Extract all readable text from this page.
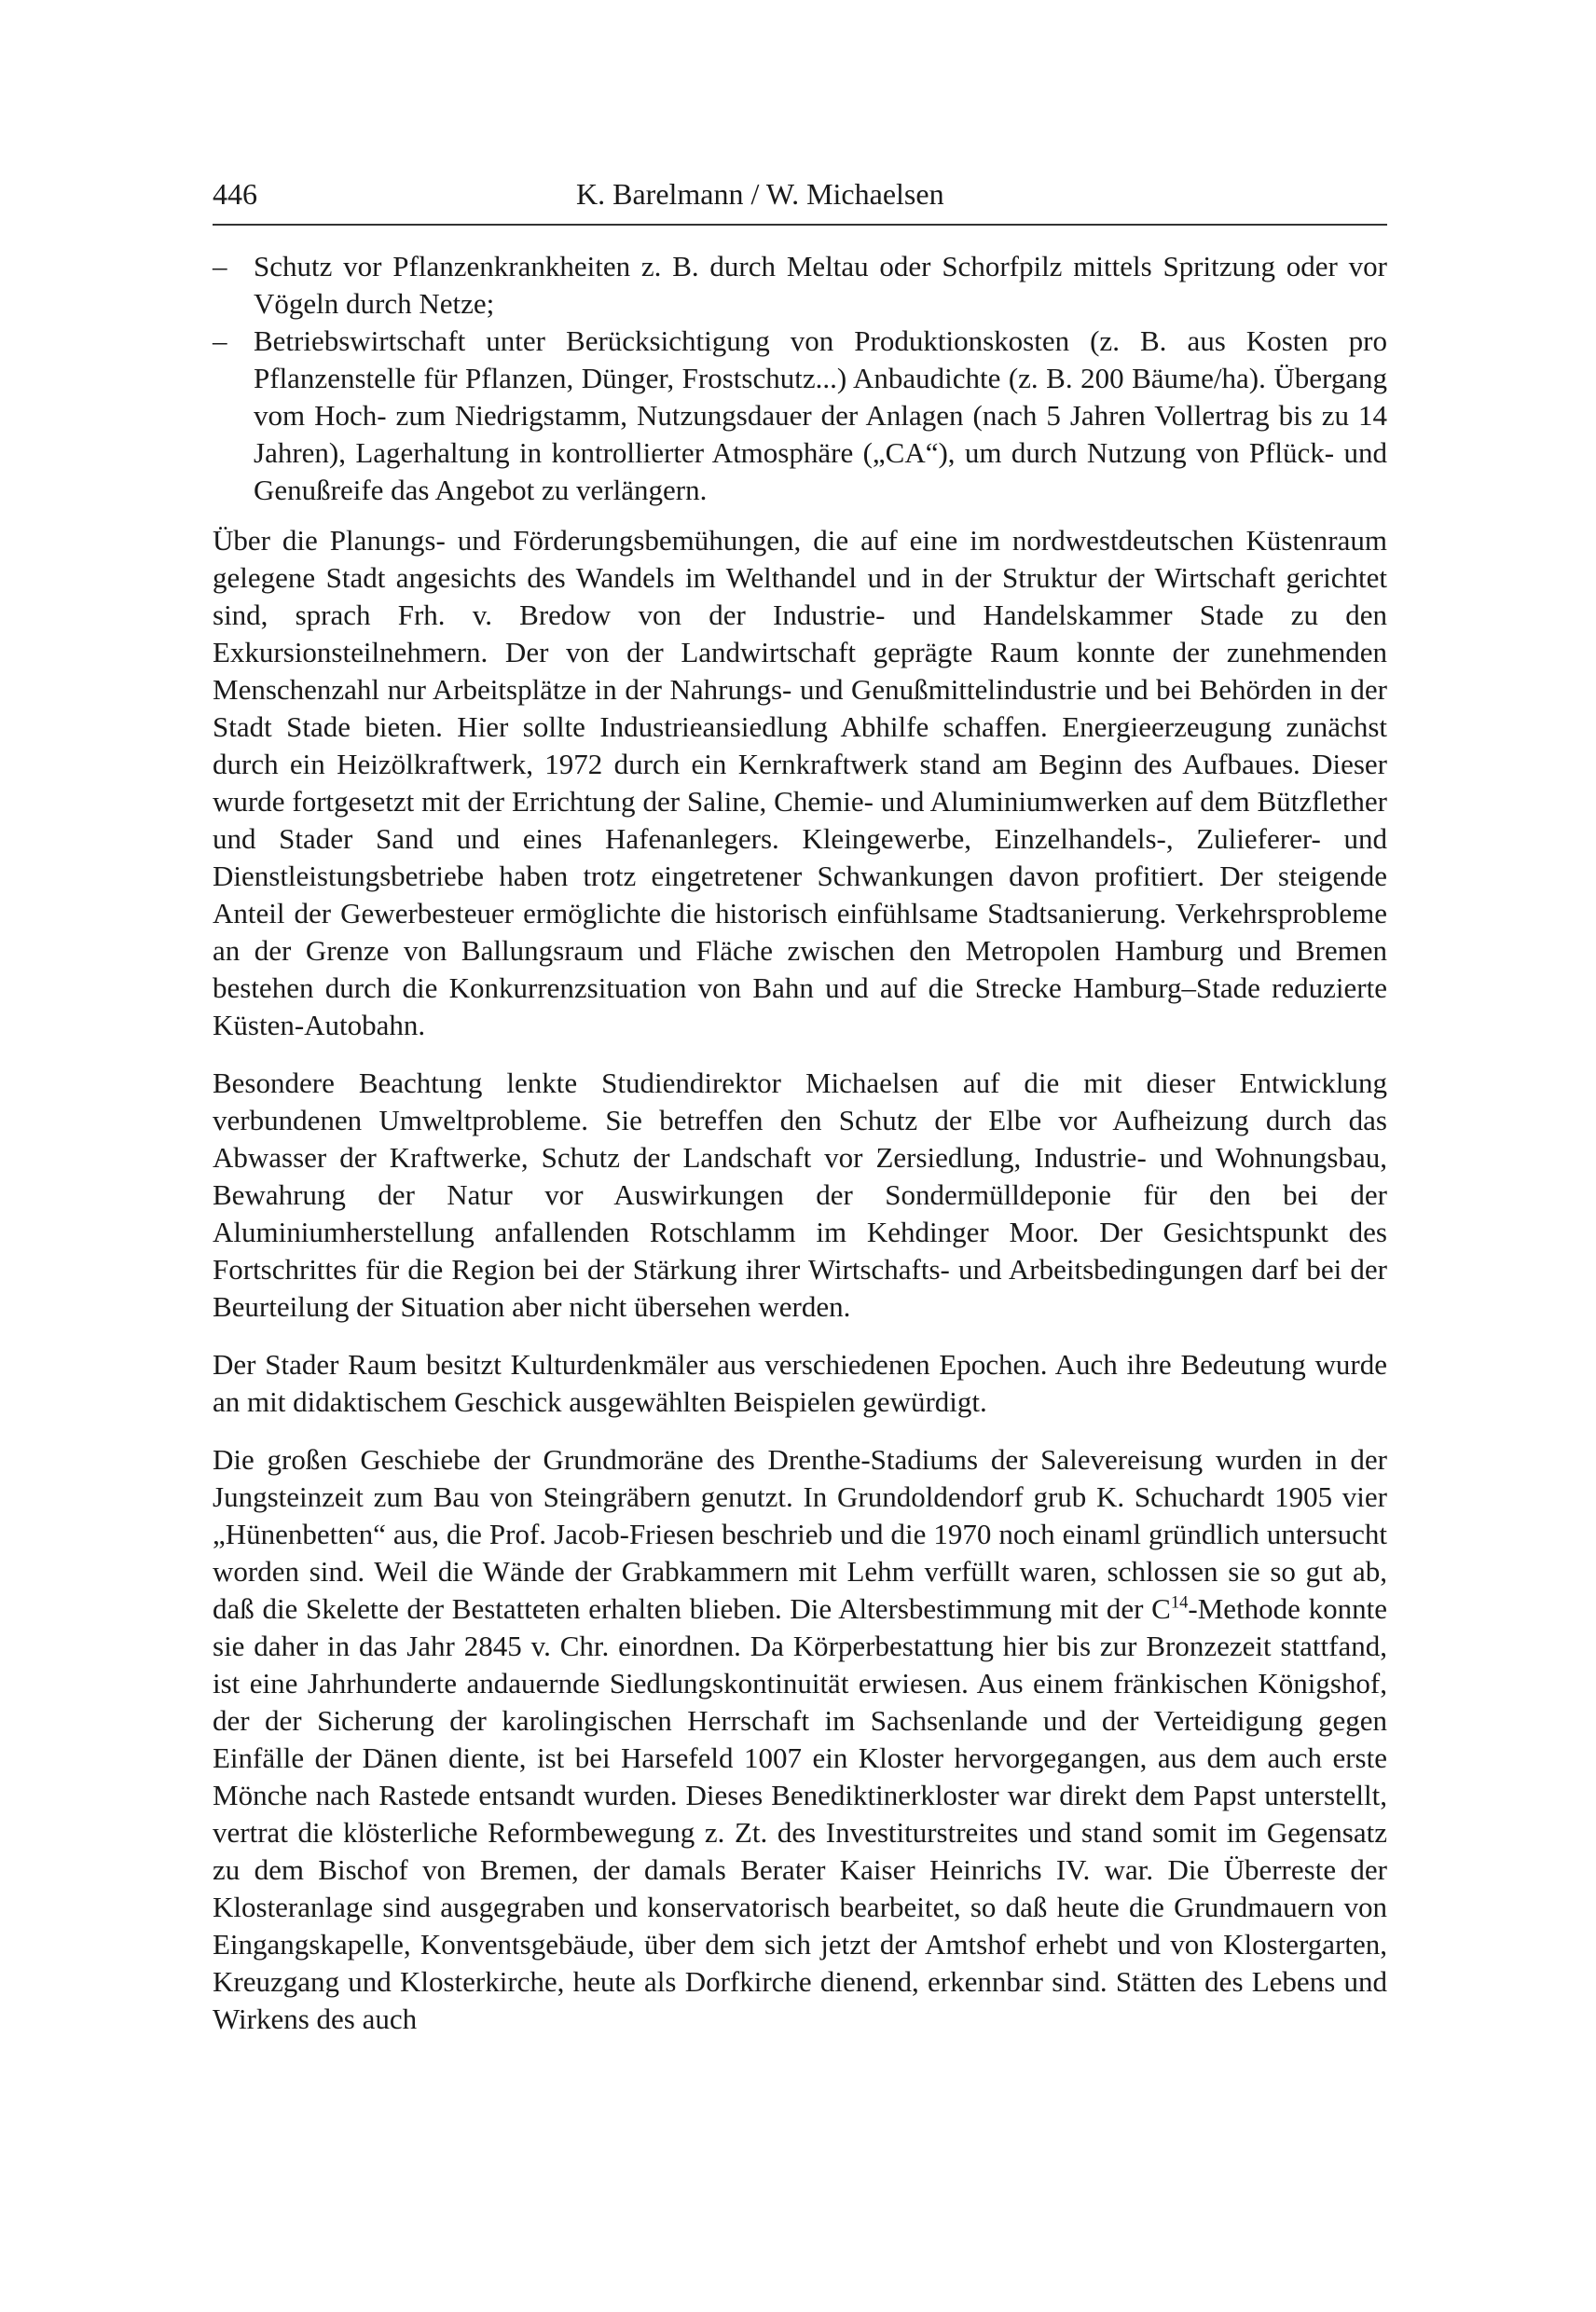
446	K. Barelmann / W. Michaelsen
– Schutz vor Pflanzenkrankheiten z. B. durch Meltau oder Schorfpilz mittels Spritzung oder vor Vögeln durch Netze;
– Betriebswirtschaft unter Berücksichtigung von Produktionskosten (z. B. aus Kosten pro Pflanzenstelle für Pflanzen, Dünger, Frostschutz...) Anbaudichte (z. B. 200 Bäume/ha). Übergang vom Hoch- zum Niedrigstamm, Nutzungsdauer der Anlagen (nach 5 Jahren Vollertrag bis zu 14 Jahren), Lagerhaltung in kontrollierter Atmosphäre („CA“), um durch Nutzung von Pflück- und Genußreife das Angebot zu verlängern.

Über die Planungs- und Förderungsbemühungen, die auf eine im nordwestdeutschen Küstenraum gelegene Stadt angesichts des Wandels im Welthandel und in der Struktur der Wirtschaft gerichtet sind, sprach Frh. v. Bredow von der Industrie- und Handelskammer Stade zu den Exkursionsteilnehmern. Der von der Landwirtschaft geprägte Raum konnte der zunehmenden Menschenzahl nur Arbeitsplätze in der Nahrungs- und Genußmittelindustrie und bei Behörden in der Stadt Stade bieten. Hier sollte Industrieansiedlung Abhilfe schaffen. Energieerzeugung zunächst durch ein Heizölkraftwerk, 1972 durch ein Kernkraftwerk stand am Beginn des Aufbaues. Dieser wurde fortgesetzt mit der Errichtung der Saline, Chemie- und Aluminiumwerken auf dem Bützflether und Stader Sand und eines Hafenanlegers. Kleingewerbe, Einzelhandels-, Zulieferer- und Dienstleistungsbetriebe haben trotz eingetretener Schwankungen davon profitiert. Der steigende Anteil der Gewerbesteuer ermöglichte die historisch einfühlsame Stadtsanierung. Verkehrsprobleme an der Grenze von Ballungsraum und Fläche zwischen den Metropolen Hamburg und Bremen bestehen durch die Konkurrenzsituation von Bahn und auf die Strecke Hamburg–Stade reduzierte Küsten-Autobahn.

Besondere Beachtung lenkte Studiendirektor Michaelsen auf die mit dieser Entwicklung verbundenen Umweltprobleme. Sie betreffen den Schutz der Elbe vor Aufheizung durch das Abwasser der Kraftwerke, Schutz der Landschaft vor Zersiedlung, Industrie- und Wohnungsbau, Bewahrung der Natur vor Auswirkungen der Sondermülldeponie für den bei der Aluminiumherstellung anfallenden Rotschlamm im Kehdinger Moor. Der Gesichtspunkt des Fortschrittes für die Region bei der Stärkung ihrer Wirtschafts- und Arbeitsbedingungen darf bei der Beurteilung der Situation aber nicht übersehen werden.

Der Stader Raum besitzt Kulturdenkmäler aus verschiedenen Epochen. Auch ihre Bedeutung wurde an mit didaktischem Geschick ausgewählten Beispielen gewürdigt.

Die großen Geschiebe der Grundmoräne des Drenthe-Stadiums der Salevereisung wurden in der Jungsteinzeit zum Bau von Steingräbern genutzt. In Grundoldendorf grub K. Schuchardt 1905 vier „Hünenbetten“ aus, die Prof. Jacob-Friesen beschrieb und die 1970 noch einaml gründlich untersucht worden sind. Weil die Wände der Grabkammern mit Lehm verfüllt waren, schlossen sie so gut ab, daß die Skelette der Bestatteten erhalten blieben. Die Altersbestimmung mit der $C^{14}$-Methode konnte sie daher in das Jahr 2845 v. Chr. einordnen. Da Körperbestattung hier bis zur Bronzezeit stattfand, ist eine Jahrhunderte andauernde Siedlungskontinuität erwiesen. Aus einem fränkischen Königshof, der der Sicherung der karolingischen Herrschaft im Sachsenlande und der Verteidigung gegen Einfälle der Dänen diente, ist bei Harsefeld 1007 ein Kloster hervorgegangen, aus dem auch erste Mönche nach Rastede entsandt wurden. Dieses Benediktinerkloster war direkt dem Papst unterstellt, vertrat die klösterliche Reformbewegung z. Zt. des Investiturstreites und stand somit im Gegensatz zu dem Bischof von Bremen, der damals Berater Kaiser Heinrichs IV. war. Die Überreste der Klosteranlage sind ausgegraben und konservatorisch bearbeitet, so daß heute die Grundmauern von Eingangskapelle, Konventsgebäude, über dem sich jetzt der Amtshof erhebt und von Klostergarten, Kreuzgang und Klosterkirche, heute als Dorfkirche dienend, erkennbar sind. Stätten des Lebens und Wirkens des auch
